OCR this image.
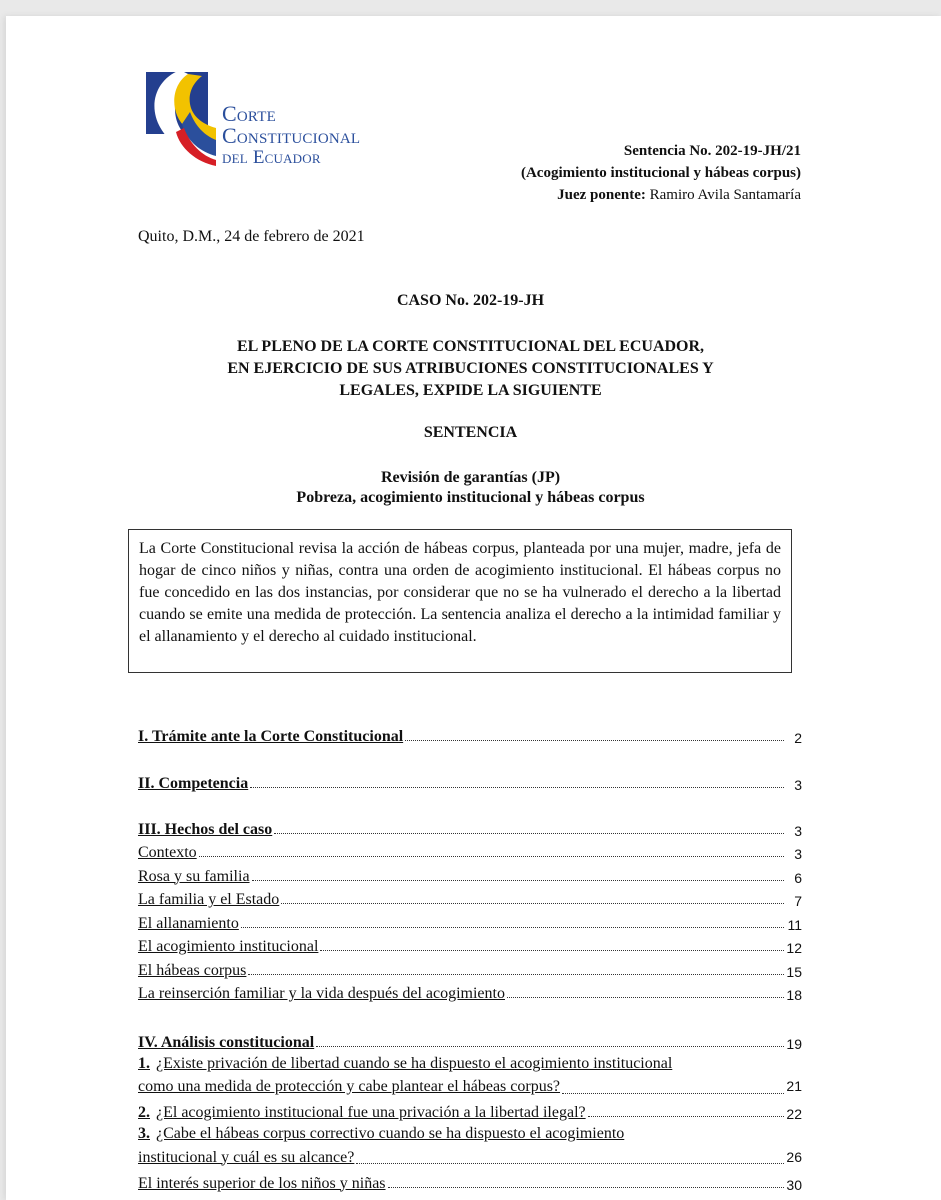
Corte
Constitucional
del Ecuador	Sentencia No. 202-19-JH/21
(Acogimiento institucional y hábeas corpus)
Juez ponente: Ramiro Avila Santamaría
Quito, D.M., 24 de febrero de 2021
CASO No. 202-19-JH
EL PLENO DE LA CORTE CONSTITUCIONAL DEL ECUADOR,
EN EJERCICIO DE SUS ATRIBUCIONES CONSTITUCIONALES Y
LEGALES, EXPIDE LA SIGUIENTE
SENTENCIA
Revisión de garantías (JP)
Pobreza, acogimiento institucional y hábeas corpus
La Corte Constitucional revisa la acción de hábeas corpus, planteada por una mujer, madre, jefa de hogar de cinco niños y niñas, contra una orden de acogimiento institucional. El hábeas corpus no fue concedido en las dos instancias, por considerar que no se ha vulnerado el derecho a la libertad cuando se emite una medida de protección. La sentencia analiza el derecho a la intimidad familiar y el allanamiento y el derecho al cuidado institucional.
I. Trámite ante la Corte Constitucional	2
II. Competencia	3
III. Hechos del caso	3
Contexto	3
Rosa y su familia	6
La familia y el Estado	7
El allanamiento	11
El acogimiento institucional	12
El hábeas corpus	15
La reinserción familiar y la vida después del acogimiento	18
IV. Análisis constitucional	19
1. ¿Existe privación de libertad cuando se ha dispuesto el acogimiento institucional
como una medida de protección y cabe plantear el hábeas corpus?	21
2. ¿El acogimiento institucional fue una privación a la libertad ilegal?	22
3. ¿Cabe el hábeas corpus correctivo cuando se ha dispuesto el acogimiento
institucional y cuál es su alcance?	26
El interés superior de los niños y niñas	30
